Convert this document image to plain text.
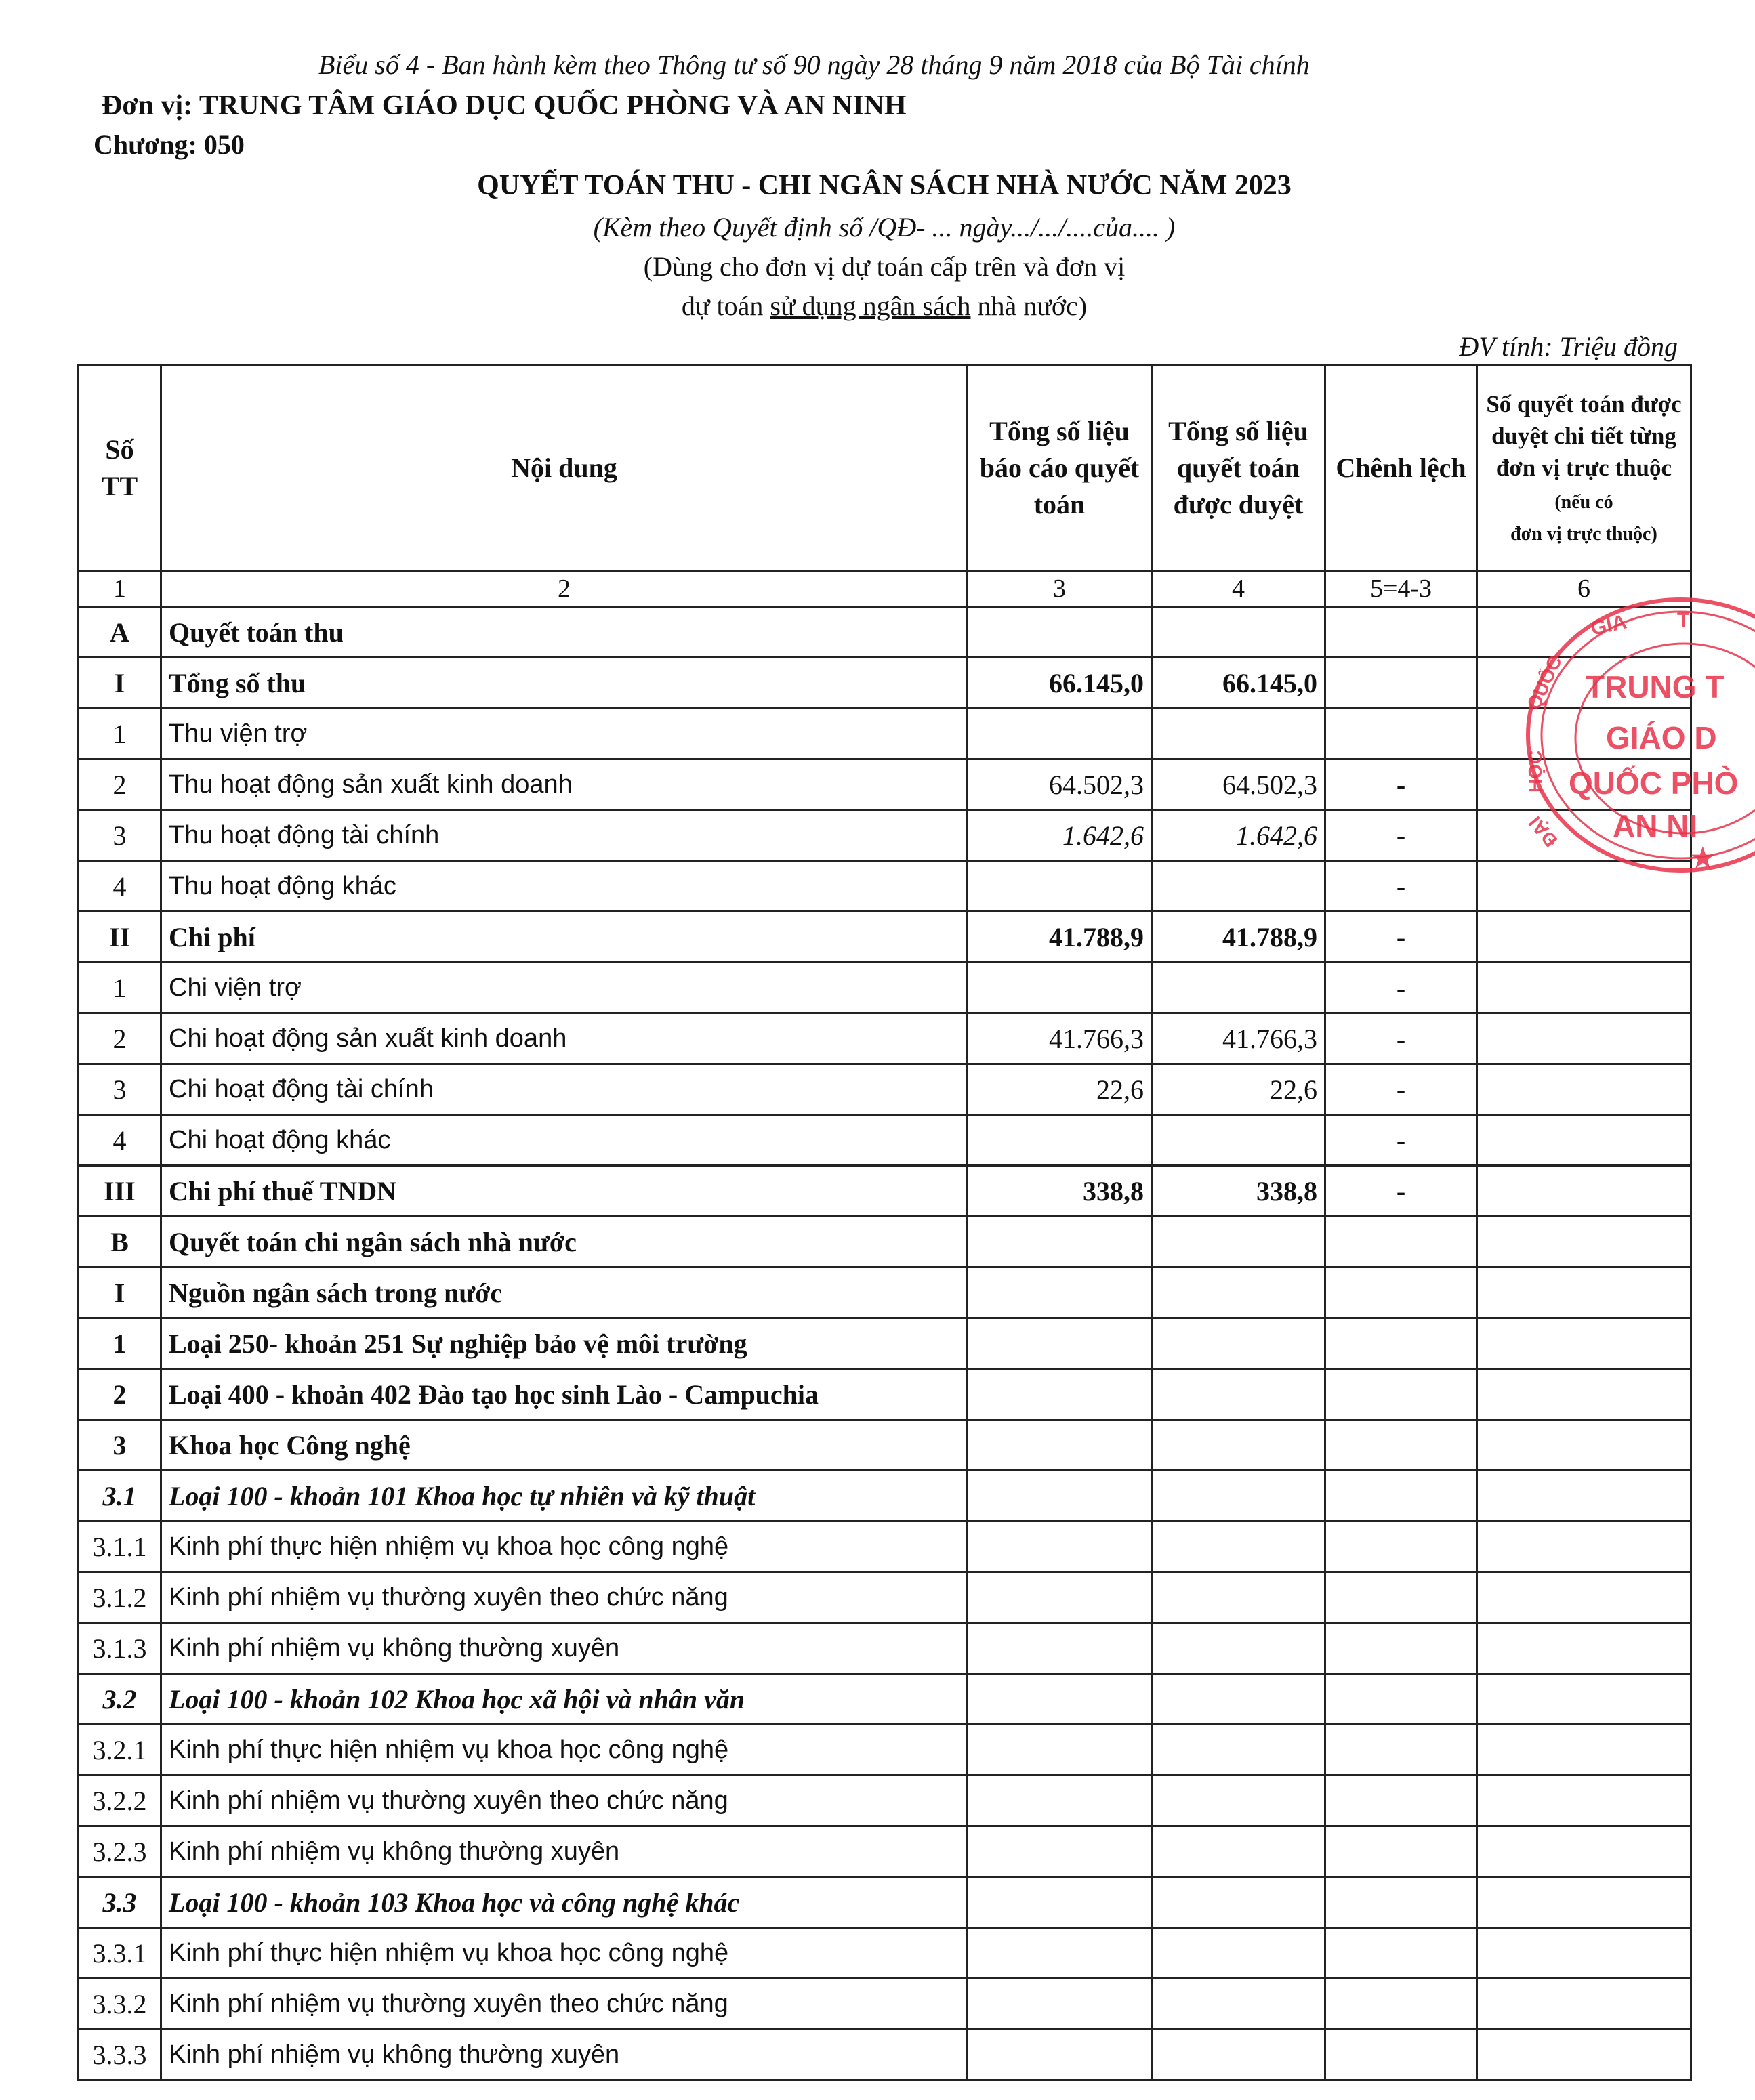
Biểu số 4 - Ban hành kèm theo Thông tư số 90 ngày 28 tháng 9 năm 2018 của Bộ Tài chính
Đơn vị: TRUNG TÂM GIÁO DỤC QUỐC PHÒNG VÀ AN NINH
Chương: 050
QUYẾT TOÁN THU - CHI NGÂN SÁCH NHÀ NƯỚC NĂM 2023
(Kèm theo Quyết định số /QĐ- ... ngày.../.../....của.... )
(Dùng cho đơn vị dự toán cấp trên và đơn vị
dự toán sử dụng ngân sách nhà nước)
ĐV tính: Triệu đồng
Số TT	Nội dung	Tổng số liệu báo cáo quyết toán	Tổng số liệu quyết toán được duyệt	Chênh lệch	Số quyết toán được duyệt chi tiết từng đơn vị trực thuộc (nếu có
đơn vị trực thuộc)
1	2	3	4	5=4-3	6
A	Quyết toán thu				
I	Tổng số thu	66.145,0	66.145,0		
1	Thu viện trợ				
2	Thu hoạt động sản xuất kinh doanh	64.502,3	64.502,3	-	
3	Thu hoạt động tài chính	1.642,6	1.642,6	-	
4	Thu hoạt động khác			-	
II	Chi phí	41.788,9	41.788,9	-	
1	Chi viện trợ			-	
2	Chi hoạt động sản xuất kinh doanh	41.766,3	41.766,3	-	
3	Chi hoạt động tài chính	22,6	22,6	-	
4	Chi hoạt động khác			-	
III	Chi phí thuế TNDN	338,8	338,8	-	
B	Quyết toán chi ngân sách nhà nước				
I	Nguồn ngân sách trong nước				
1	Loại 250- khoản 251 Sự nghiệp bảo vệ môi trường				
2	Loại 400 - khoản 402 Đào tạo học sinh Lào - Campuchia				
3	Khoa học Công nghệ				
3.1	Loại 100 - khoản 101 Khoa học tự nhiên và kỹ thuật				
3.1.1	Kinh phí thực hiện nhiệm vụ khoa học công nghệ				
3.1.2	Kinh phí nhiệm vụ thường xuyên theo chức năng				
3.1.3	Kinh phí nhiệm vụ không thường xuyên				
3.2	Loại 100 - khoản 102 Khoa học xã hội và nhân văn				
3.2.1	Kinh phí thực hiện nhiệm vụ khoa học công nghệ				
3.2.2	Kinh phí nhiệm vụ thường xuyên theo chức năng				
3.2.3	Kinh phí nhiệm vụ không thường xuyên				
3.3	Loại 100 - khoản 103 Khoa học và công nghệ khác				
3.3.1	Kinh phí thực hiện nhiệm vụ khoa học công nghệ				
3.3.2	Kinh phí nhiệm vụ thường xuyên theo chức năng				
3.3.3	Kinh phí nhiệm vụ không thường xuyên				
GIA T
QUỐC
HỌC
ĐẠI
TRUNG T
GIÁO D
QUỐC PHÒ
AN NI
★
